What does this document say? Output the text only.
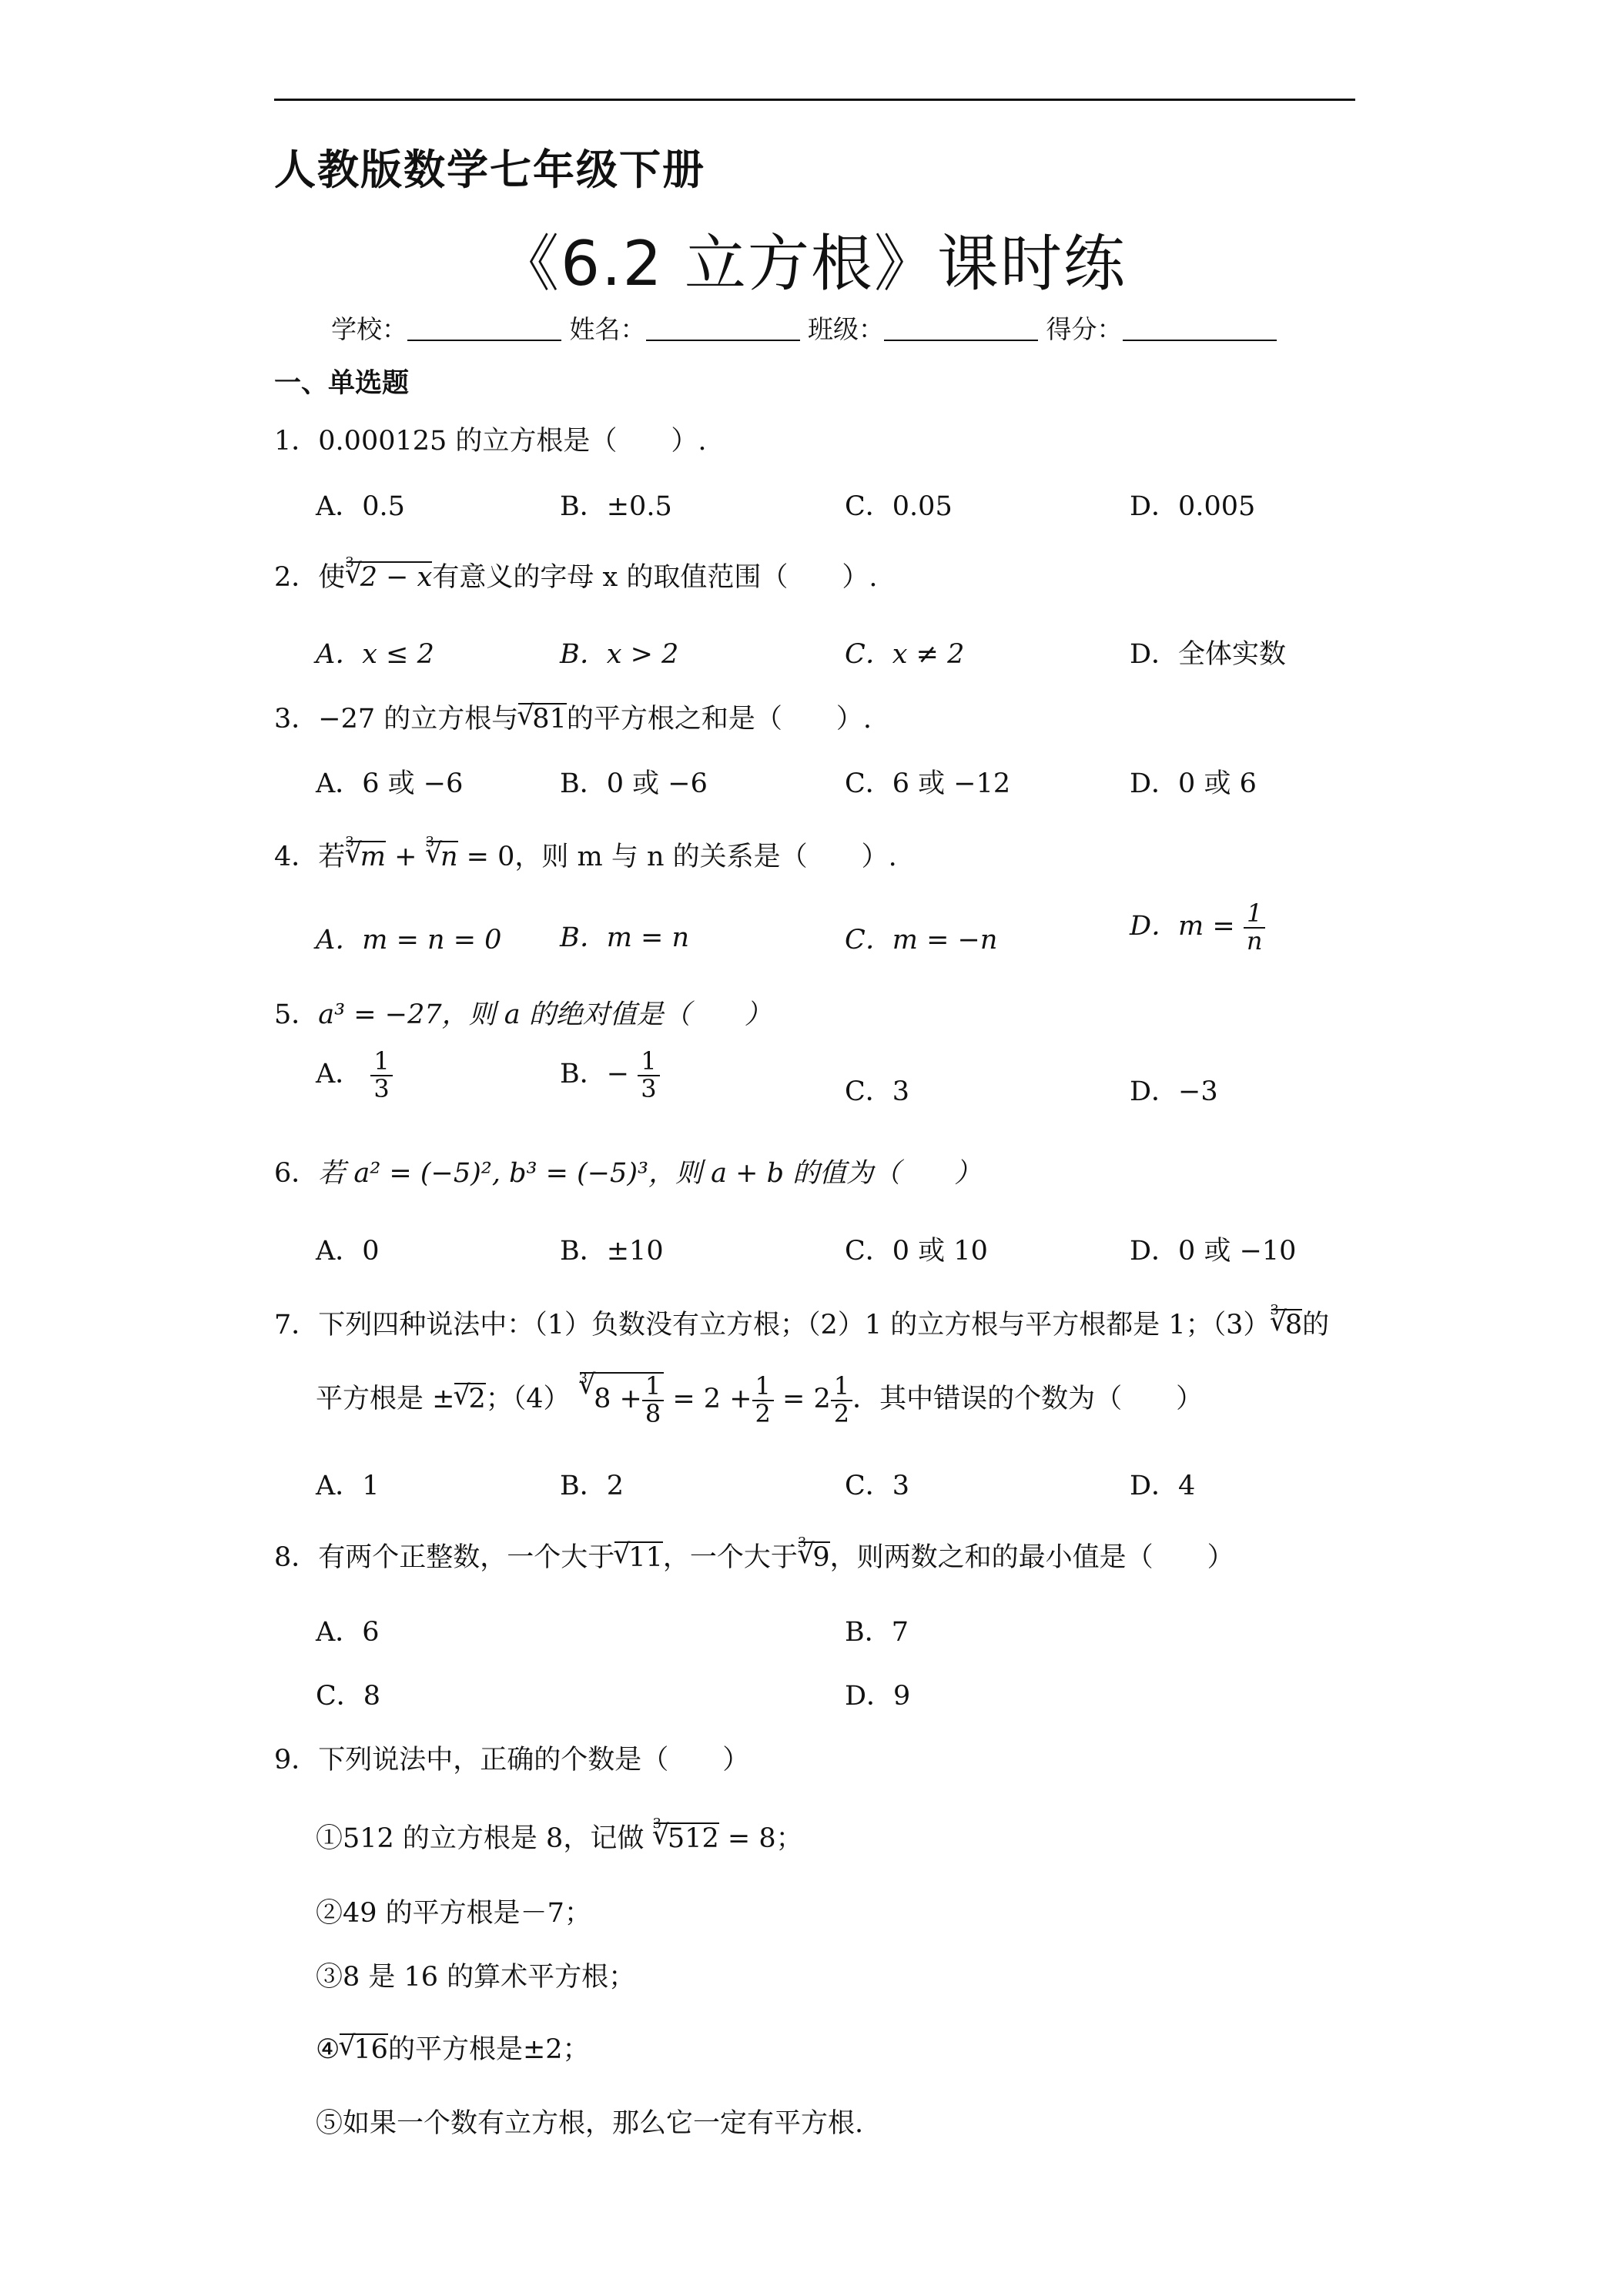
人教版数学七年级下册
《6.2 立方根》课时练
学校：	姓名：	班级：	得分：
一、单选题
1．0.000125 的立方根是（　　）.
A．0.5	B．±0.5	C．0.05	D．0.005
2．使$^3$√ 2 − x有意义的字母 x 的取值范围（　　）.
A．x ≤ 2	B．x > 2	C．x ≠ 2	D．全体实数
3．−27 的立方根与√ 81的平方根之和是（　　）.
A．6 或 −6	B．0 或 −6	C．6 或 −12	D．0 或 6
4．若$^3$√ m + $^3$√ n = 0，则 m 与 n 的关系是（　　）.
A．m = n = 0 B．m = n	C．m = −n	D．$m = \frac{1}{n}$
5．a³ = −27，则 a 的绝对值是（　　）
A． $\frac{1}{3}$	B．− $\frac{1}{3}$	C．3	D．−3
6．若 a² = (−5)², b³ = (−5)³，则 a + b 的值为（　　）
A．0	B．±10	C．0 或 10	D．0 或 −10
7．下列四种说法中：（1）负数没有立方根；（2）1 的立方根与平方根都是 1；$(3)^3√$ 8的
平方根是 ±√ 2；（4） $^3$√ $8 + \frac{1}{8} = 2 + \frac{1}{2} = 2 \frac{1}{2}$ ．其中错误的个数为（　　）
A．1	B．2	C．3	D．4
8．有两个正整数，一个大于√ 11，一个大于$^3$√ 9，则两数之和的最小值是（　　）
A．6	B．7
C．8	D．9
9．下列说法中，正确的个数是（　　）
①512 的立方根是 8，记做 $^3$√ 512 = 8；
②49 的平方根是－7；
③8 是 16 的算术平方根；
④√ 16的平方根是±2；
⑤如果一个数有立方根，那么它一定有平方根.
